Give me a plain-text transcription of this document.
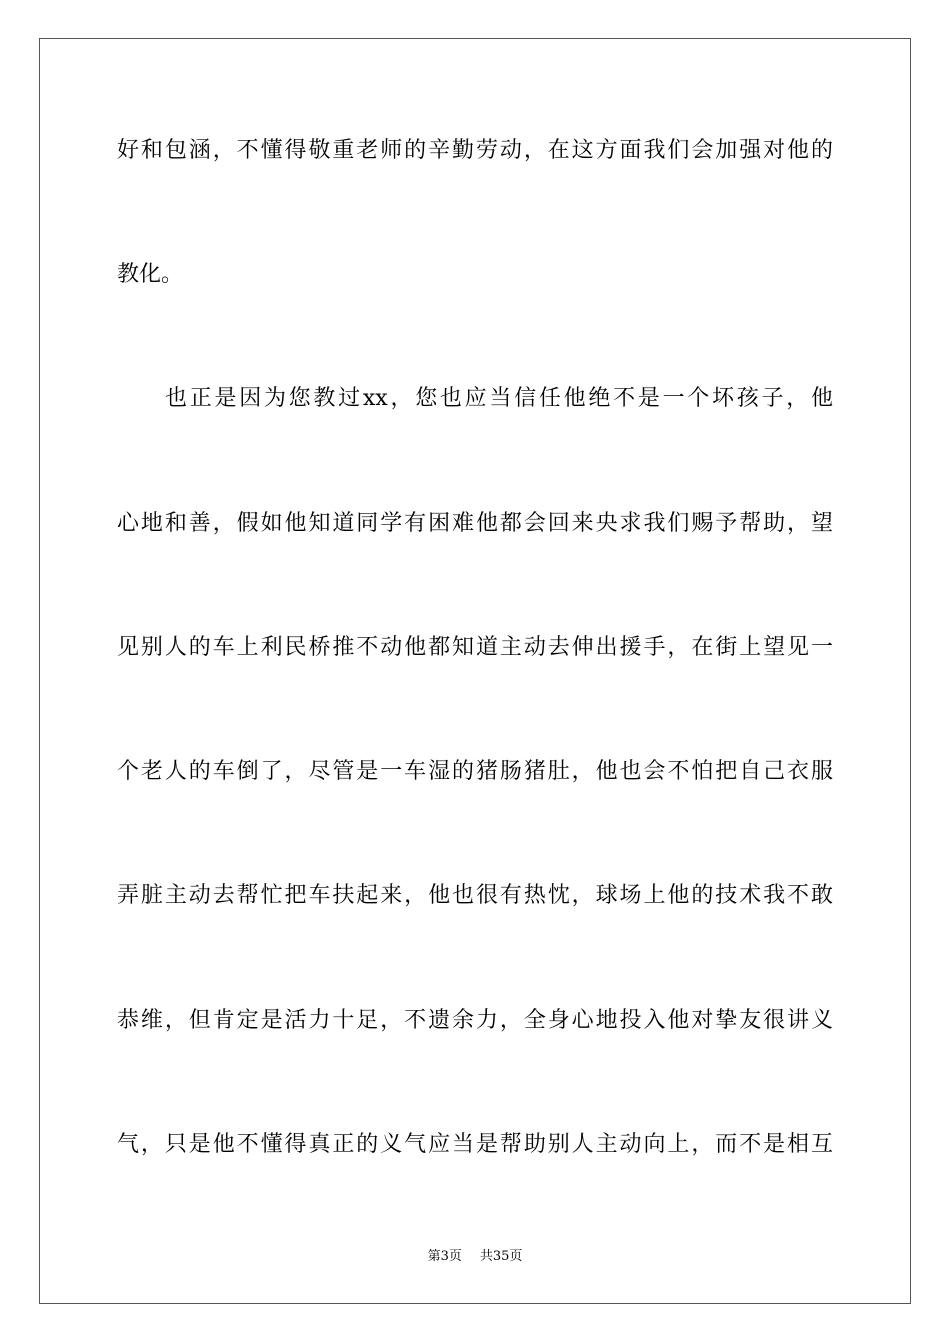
好和包涵，不懂得敬重老师的辛勤劳动，在这方面我们会加强对他的
教化。
也正是因为您教过xx，您也应当信任他绝不是一个坏孩子，他
心地和善，假如他知道同学有困难他都会回来央求我们赐予帮助，望
见别人的车上利民桥推不动他都知道主动去伸出援手，在街上望见一
个老人的车倒了，尽管是一车湿的猪肠猪肚，他也会不怕把自己衣服
弄脏主动去帮忙把车扶起来，他也很有热忱，球场上他的技术我不敢
恭维，但肯定是活力十足，不遗余力，全身心地投入他对挚友很讲义
气，只是他不懂得真正的义气应当是帮助别人主动向上，而不是相互
第3页 共35页
